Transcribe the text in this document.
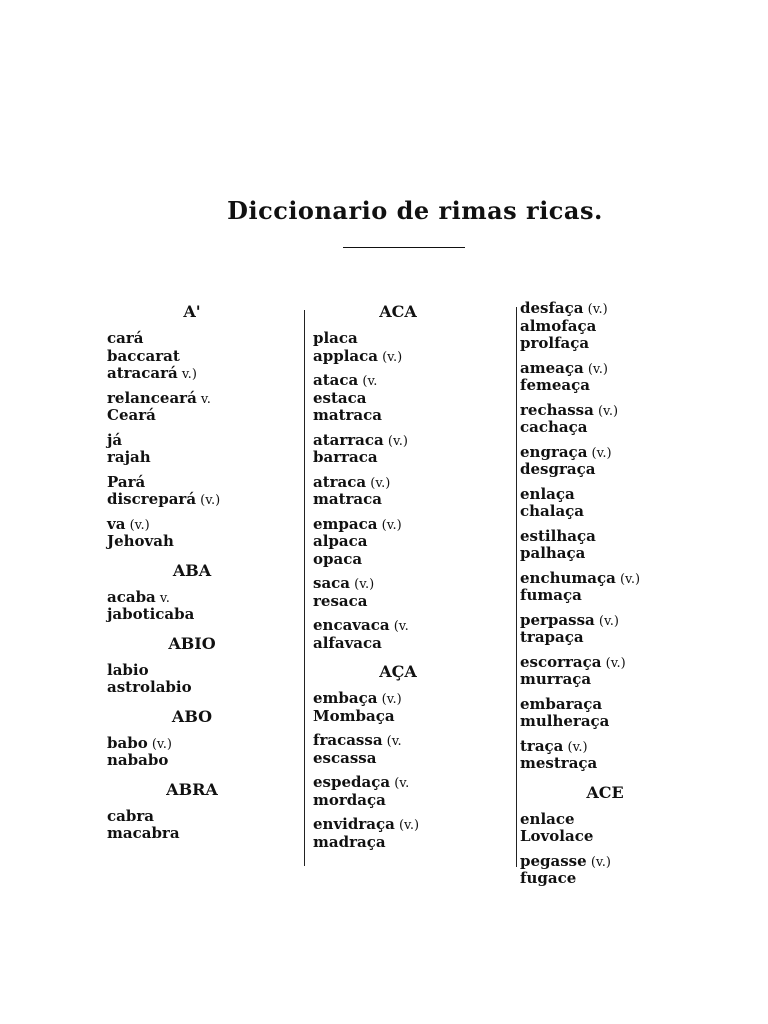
Diccionario de rimas ricas.
A'
cará
baccarat
atracará v.)
relanceará v.
Ceará
já
rajah
Pará
discrepará (v.)
va (v.)
Jehovah
ABA
acaba v.
jaboticaba
ABIO
labio
astrolabio
ABO
babo (v.)
nababo
ABRA
cabra
macabra
ACA
placa
applaca (v.)
ataca (v.
estaca
matraca
atarraca (v.)
barraca
atraca (v.)
matraca
empaca (v.)
alpaca
opaca
saca (v.)
resaca
encavaca (v.
alfavaca
AÇA
embaça (v.)
Mombaça
fracassa (v.
escassa
espedaça (v.
mordaça
envidraça (v.)
madraça
desfaça (v.)
almofaça
prolfaça
ameaça (v.)
femeaça
rechassa (v.)
cachaça
engraça (v.)
desgraça
enlaça
chalaça
estilhaça
palhaça
enchumaça (v.)
fumaça
perpassa (v.)
trapaça
escorraça (v.)
murraça
embaraça
mulheraça
traça (v.)
mestraça
ACE
enlace
Lovolace
pegasse (v.)
fugace
